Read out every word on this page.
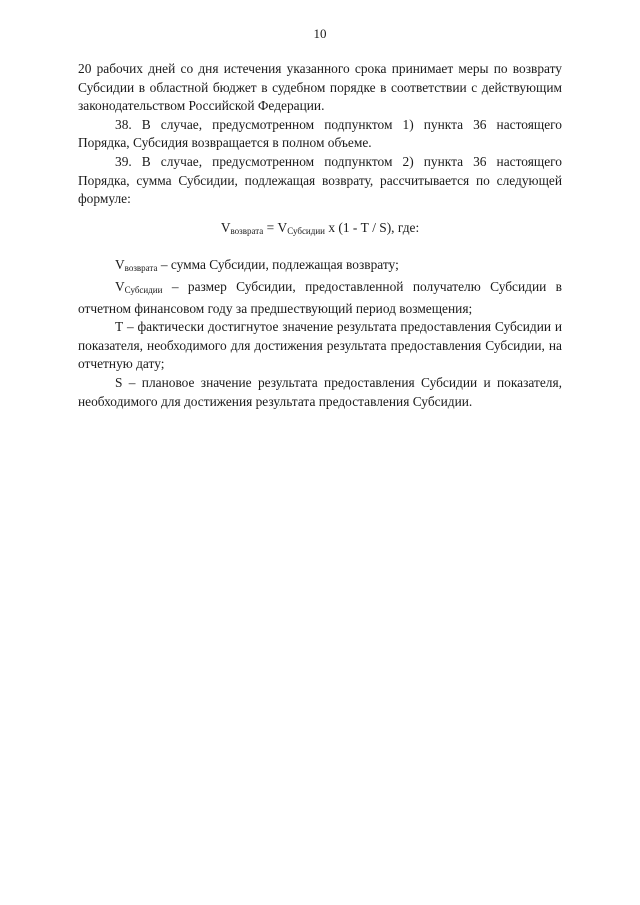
10

20 рабочих дней со дня истечения указанного срока принимает меры по возврату Субсидии в областной бюджет в судебном порядке в соответствии с действующим законодательством Российской Федерации.

38. В случае, предусмотренном подпунктом 1) пункта 36 настоящего Порядка, Субсидия возвращается в полном объеме.

39. В случае, предусмотренном подпунктом 2) пункта 36 настоящего Порядка, сумма Субсидии, подлежащая возврату, рассчитывается по следующей формуле:

$V_{возврата} = V_{Субсидии}$ х (1 - Т / S), где:

$V_{возврата}$ – сумма Субсидии, подлежащая возврату;

$V_{Субсидии}$ – размер Субсидии, предоставленной получателю Субсидии в отчетном финансовом году за предшествующий период возмещения;

Т – фактически достигнутое значение результата предоставления Субсидии и показателя, необходимого для достижения результата предоставления Субсидии, на отчетную дату;

S – плановое значение результата предоставления Субсидии и показателя, необходимого для достижения результата предоставления Субсидии.
